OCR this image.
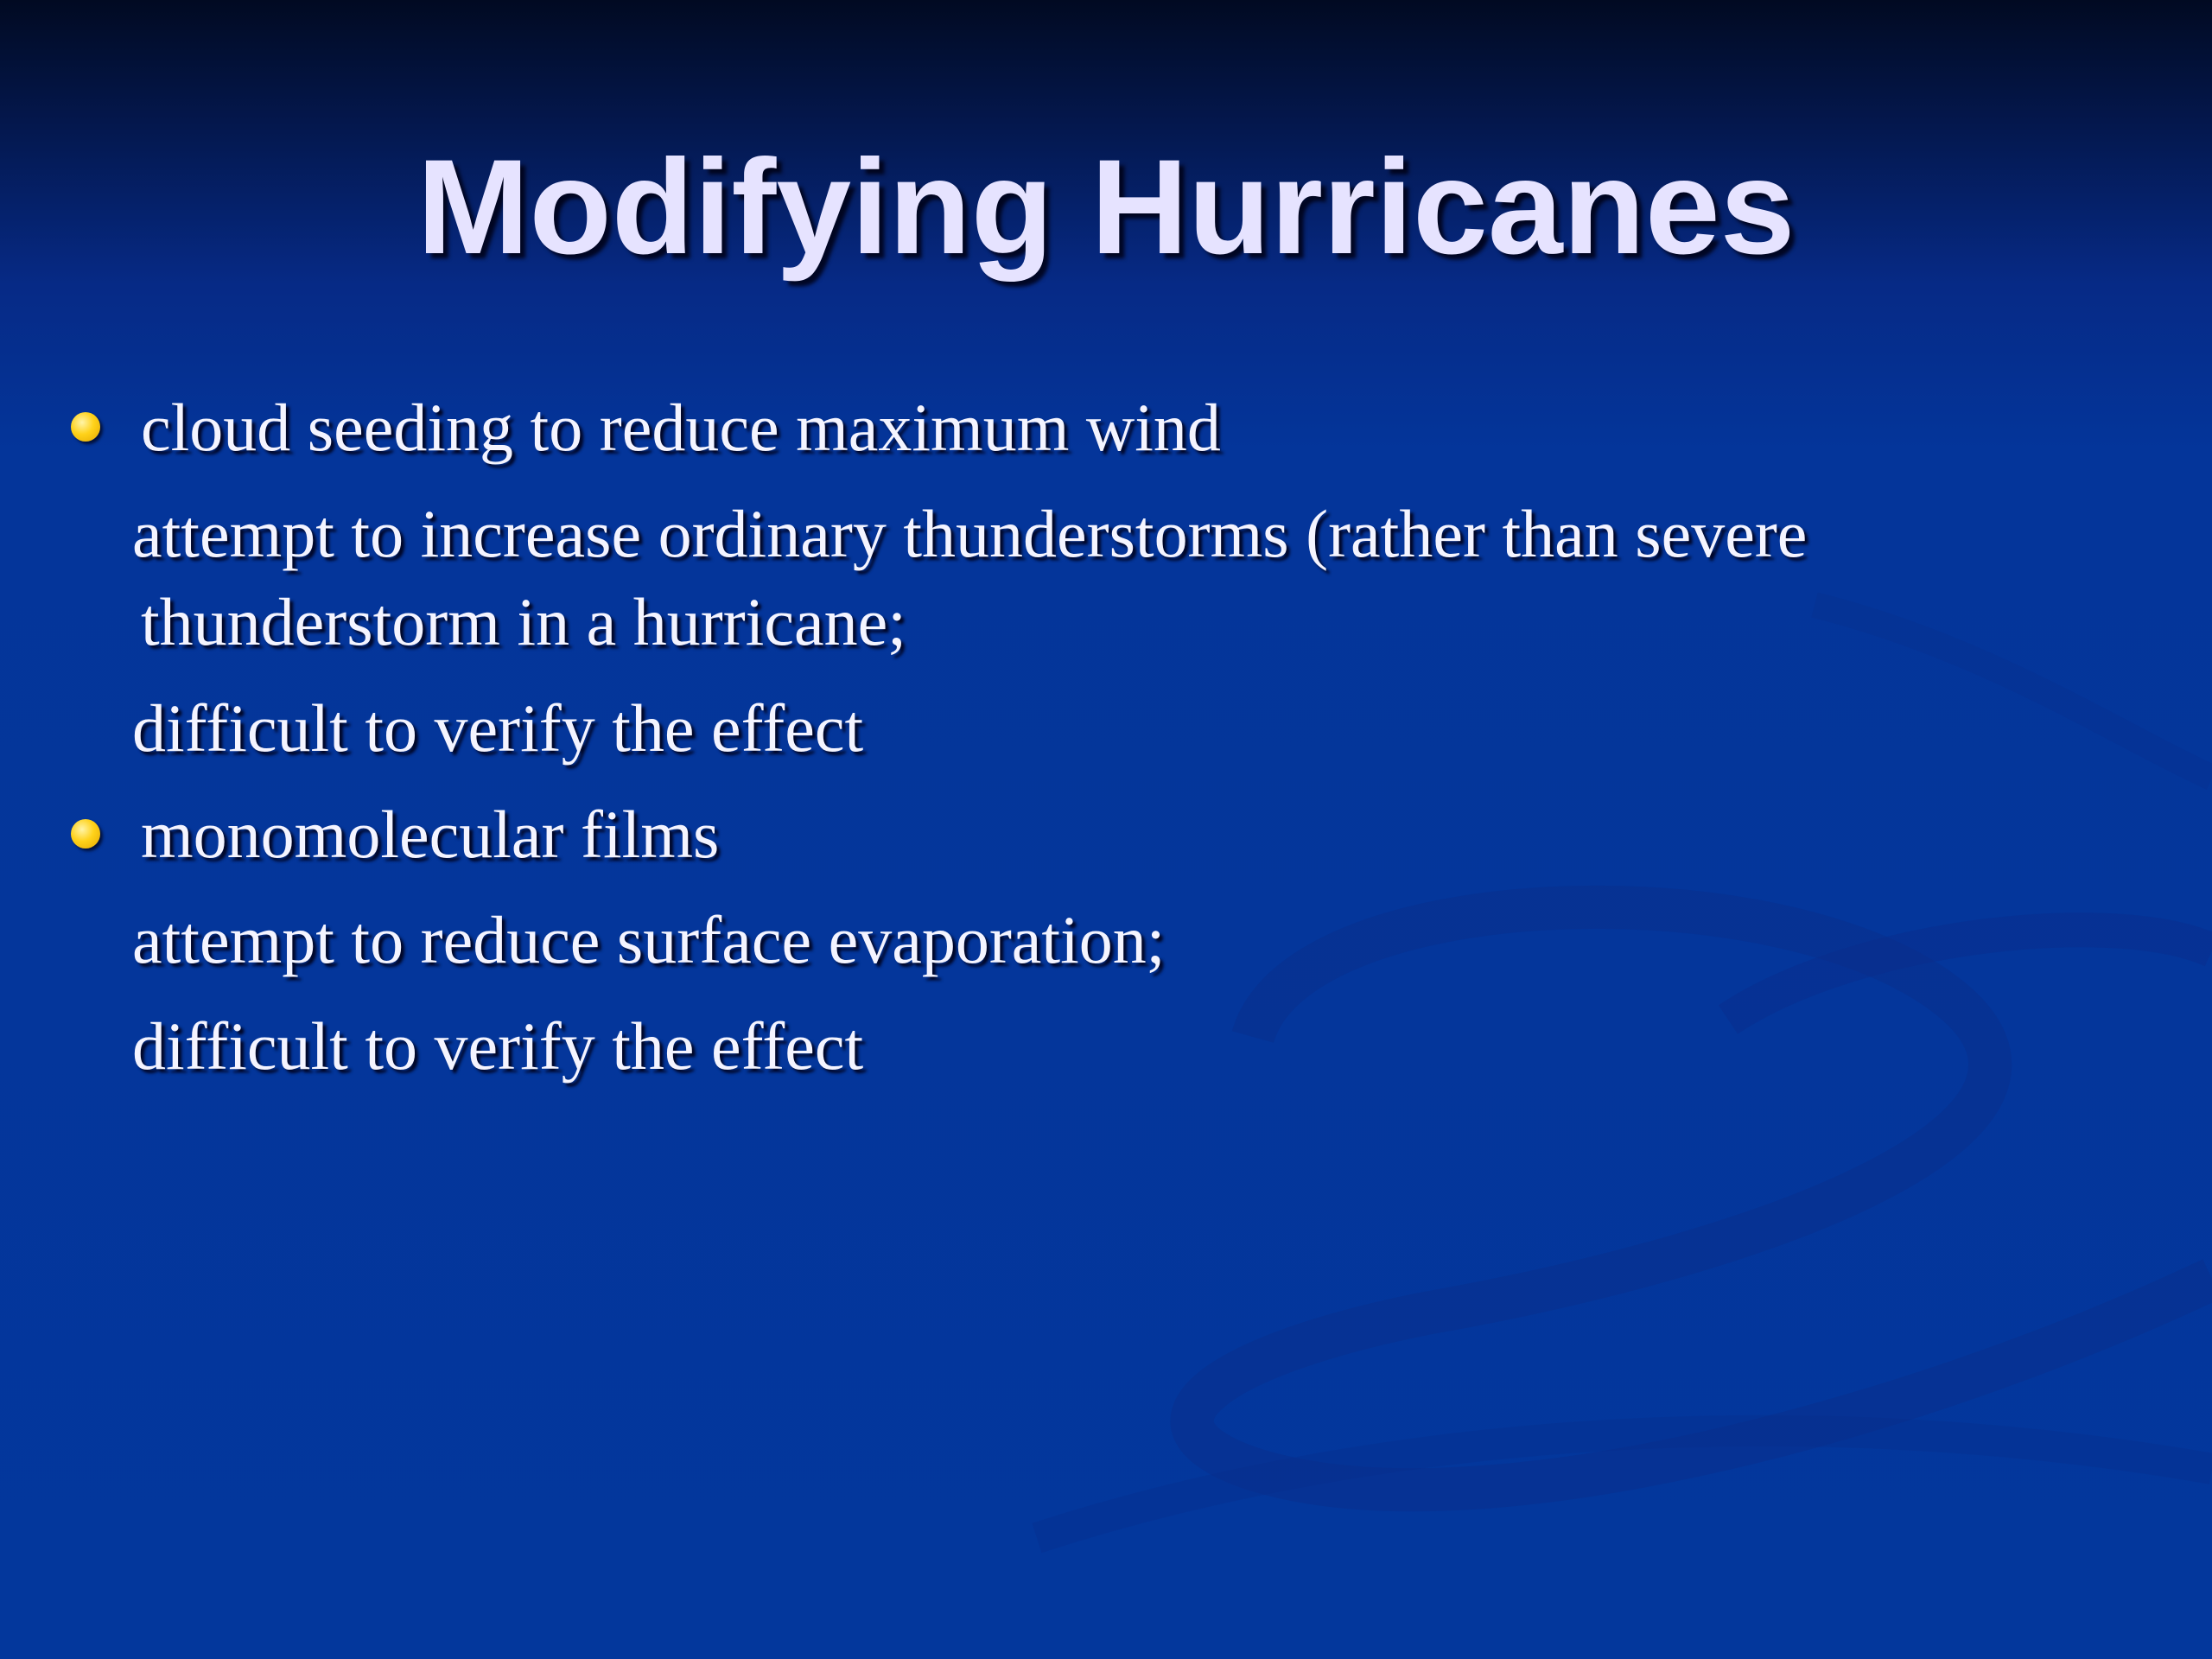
Modifying Hurricanes
cloud seeding to reduce maximum wind
attempt to increase ordinary thunderstorms (rather than severe
thunderstorm in a hurricane;
difficult to verify the effect
monomolecular films
attempt to reduce surface evaporation;
difficult to verify the effect
